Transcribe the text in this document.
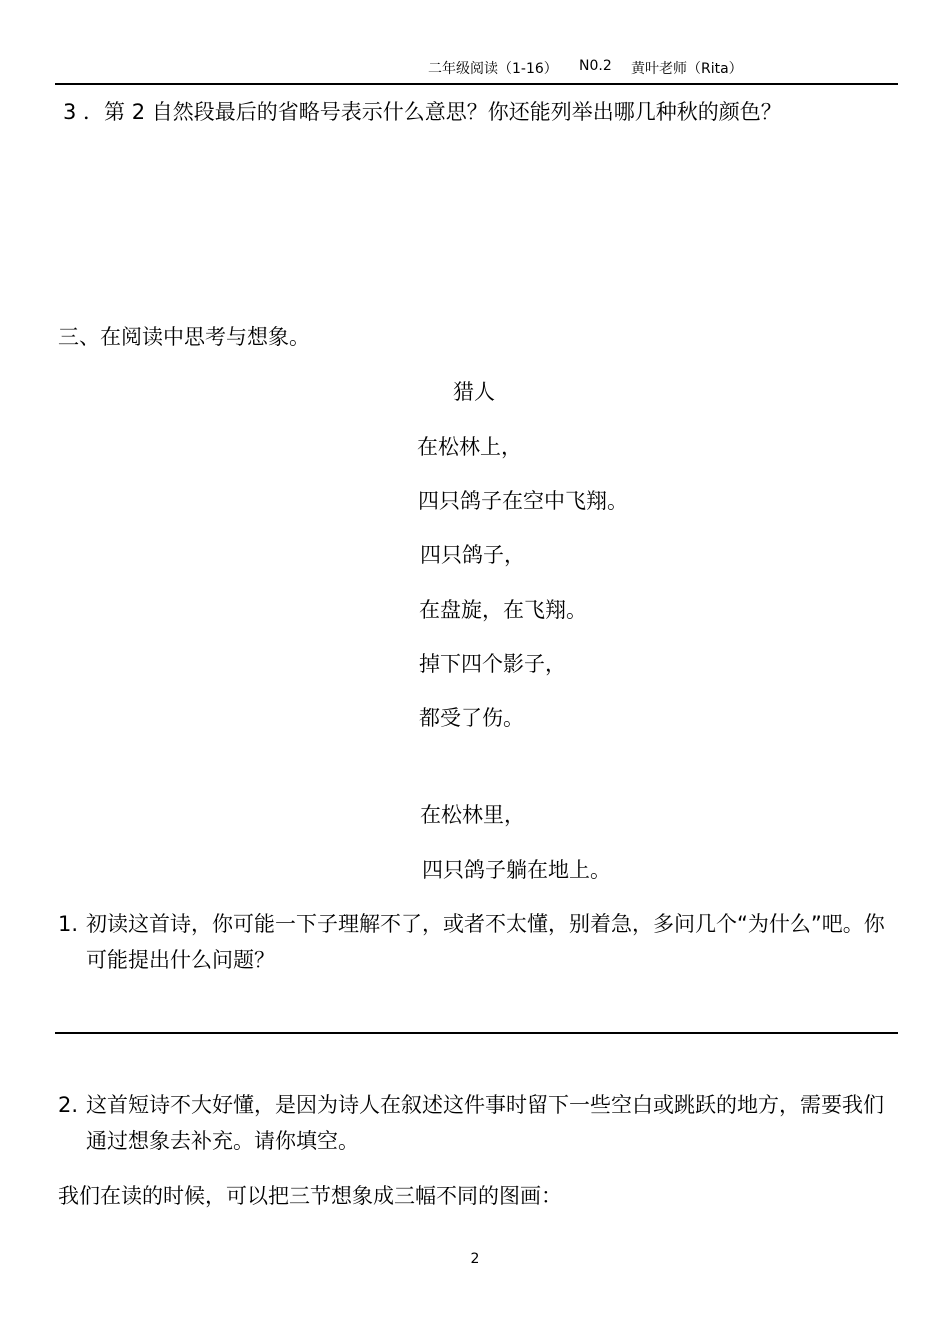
二年级阅读（1-16） N0.2 黄叶老师（Rita）
3 ．第 2 自然段最后的省略号表示什么意思？你还能列举出哪几种秋的颜色？
三、在阅读中思考与想象。
猎人
在松林上，
四只鸽子在空中飞翔。
四只鸽子，
在盘旋，在飞翔。
掉下四个影子，
都受了伤。
在松林里，
四只鸽子躺在地上。
1. 初读这首诗，你可能一下子理解不了，或者不太懂，别着急，多问几个“为什么”吧。你可能提出什么问题？
2. 这首短诗不大好懂，是因为诗人在叙述这件事时留下一些空白或跳跃的地方，需要我们通过想象去补充。请你填空。
我们在读的时候，可以把三节想象成三幅不同的图画：
2
